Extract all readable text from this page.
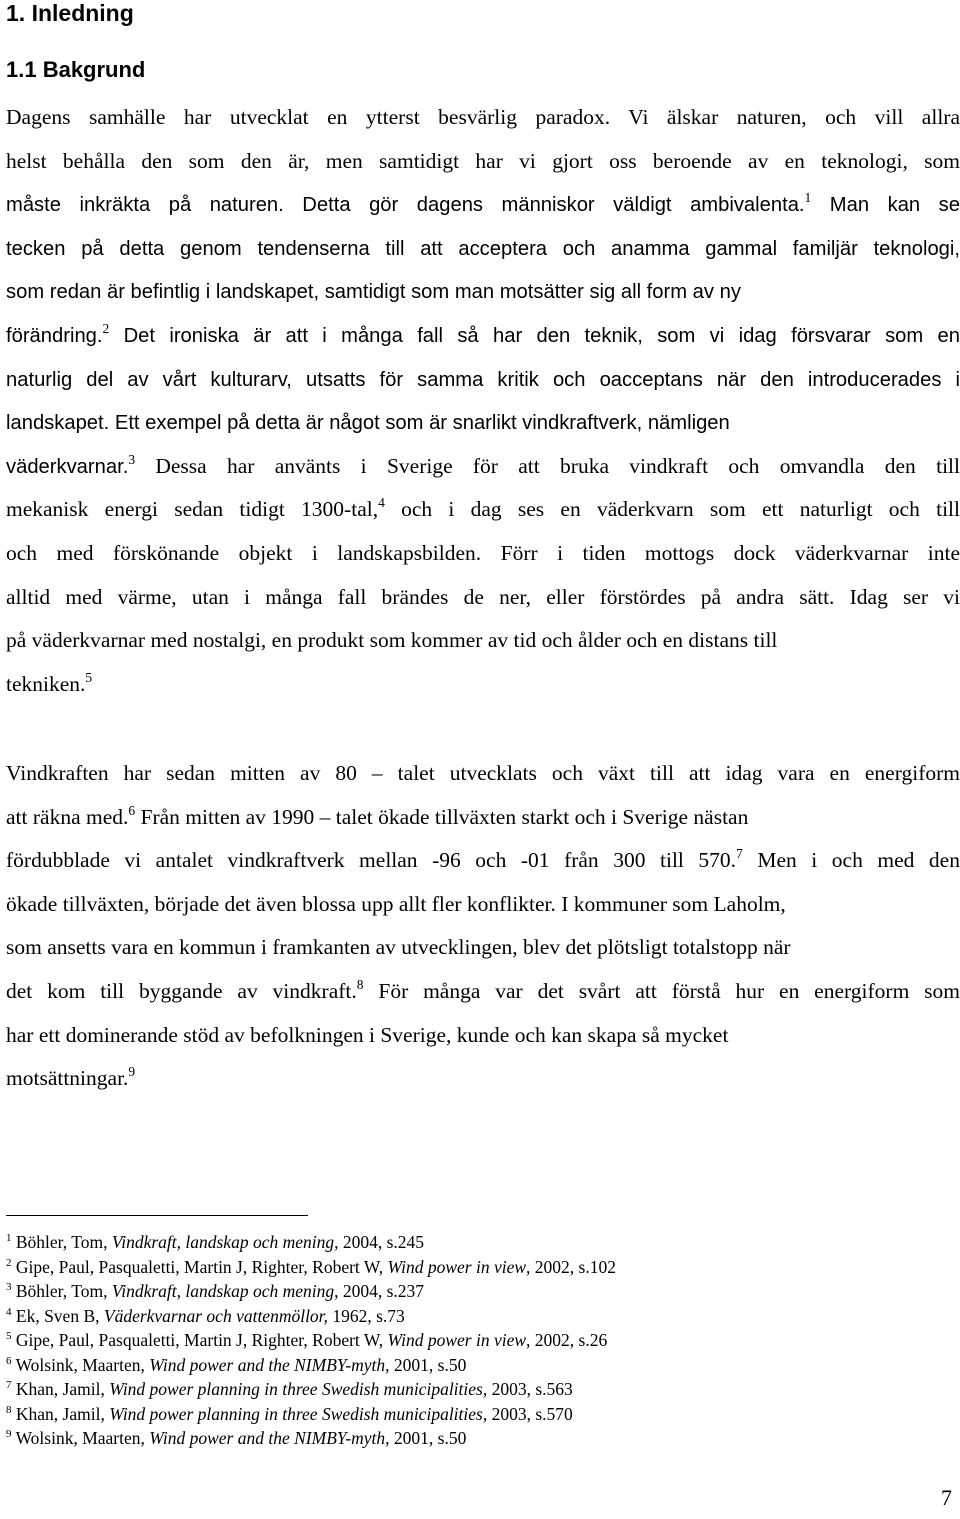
1. Inledning
1.1 Bakgrund
Dagens samhälle har utvecklat en ytterst besvärlig paradox. Vi älskar naturen, och vill allra
helst behålla den som den är, men samtidigt har vi gjort oss beroende av en teknologi, som
måste inkräkta på naturen. Detta gör dagens människor väldigt ambivalenta.$^1$ Man kan se
tecken på detta genom tendenserna till att acceptera och anamma gammal familjär teknologi,
som redan är befintlig i landskapet, samtidigt som man motsätter sig all form av ny
förändring.$^2$ Det ironiska är att i många fall så har den teknik, som vi idag försvarar som en
naturlig del av vårt kulturarv, utsatts för samma kritik och oacceptans när den introducerades i
landskapet. Ett exempel på detta är något som är snarlikt vindkraftverk, nämligen
väderkvarnar.$^3$ Dessa har använts i Sverige för att bruka vindkraft och omvandla den till
mekanisk energi sedan tidigt 1300-tal,$^4$ och i dag ses en väderkvarn som ett naturligt och till
och med förskönande objekt i landskapsbilden. Förr i tiden mottogs dock väderkvarnar inte
alltid med värme, utan i många fall brändes de ner, eller förstördes på andra sätt. Idag ser vi
på väderkvarnar med nostalgi, en produkt som kommer av tid och ålder och en distans till
tekniken.$^5$
Vindkraften har sedan mitten av 80 – talet utvecklats och växt till att idag vara en energiform
att räkna med.$^6$ Från mitten av 1990 – talet ökade tillväxten starkt och i Sverige nästan
fördubblade vi antalet vindkraftverk mellan -96 och -01 från 300 till 570.$^7$ Men i och med den
ökade tillväxten, började det även blossa upp allt fler konflikter. I kommuner som Laholm,
som ansetts vara en kommun i framkanten av utvecklingen, blev det plötsligt totalstopp när
det kom till byggande av vindkraft.$^8$ För många var det svårt att förstå hur en energiform som
har ett dominerande stöd av befolkningen i Sverige, kunde och kan skapa så mycket
motsättningar.$^9$
$^1$ Böhler, Tom, Vindkraft, landskap och mening, 2004, s.245
$^2$ Gipe, Paul, Pasqualetti, Martin J, Righter, Robert W, Wind power in view, 2002, s.102
$^3$ Böhler, Tom, Vindkraft, landskap och mening, 2004, s.237
$^4$ Ek, Sven B, Väderkvarnar och vattenmöllor, 1962, s.73
$^5$ Gipe, Paul, Pasqualetti, Martin J, Righter, Robert W, Wind power in view, 2002, s.26
$^6$ Wolsink, Maarten, Wind power and the NIMBY-myth, 2001, s.50
$^7$ Khan, Jamil, Wind power planning in three Swedish municipalities, 2003, s.563
$^8$ Khan, Jamil, Wind power planning in three Swedish municipalities, 2003, s.570
$^9$ Wolsink, Maarten, Wind power and the NIMBY-myth, 2001, s.50
7
